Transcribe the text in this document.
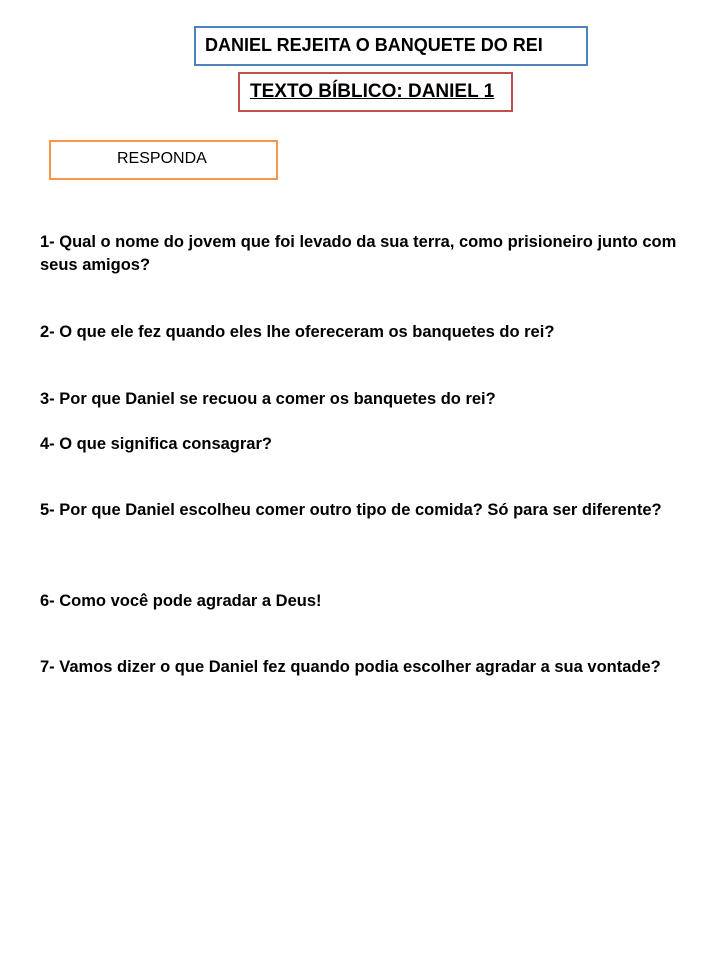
DANIEL REJEITA O BANQUETE DO REI
TEXTO BÍBLICO: DANIEL 1
RESPONDA

1- Qual o nome do jovem que foi levado da sua terra, como prisioneiro junto com seus amigos?

2- O que ele fez quando eles lhe ofereceram os banquetes do rei?

3- Por que Daniel se recuou a comer os banquetes do rei?

4- O que significa consagrar?

5- Por que Daniel escolheu comer outro tipo de comida? Só para ser diferente?

6- Como você pode agradar a Deus!

7- Vamos dizer o que Daniel fez quando podia escolher agradar a sua vontade?
